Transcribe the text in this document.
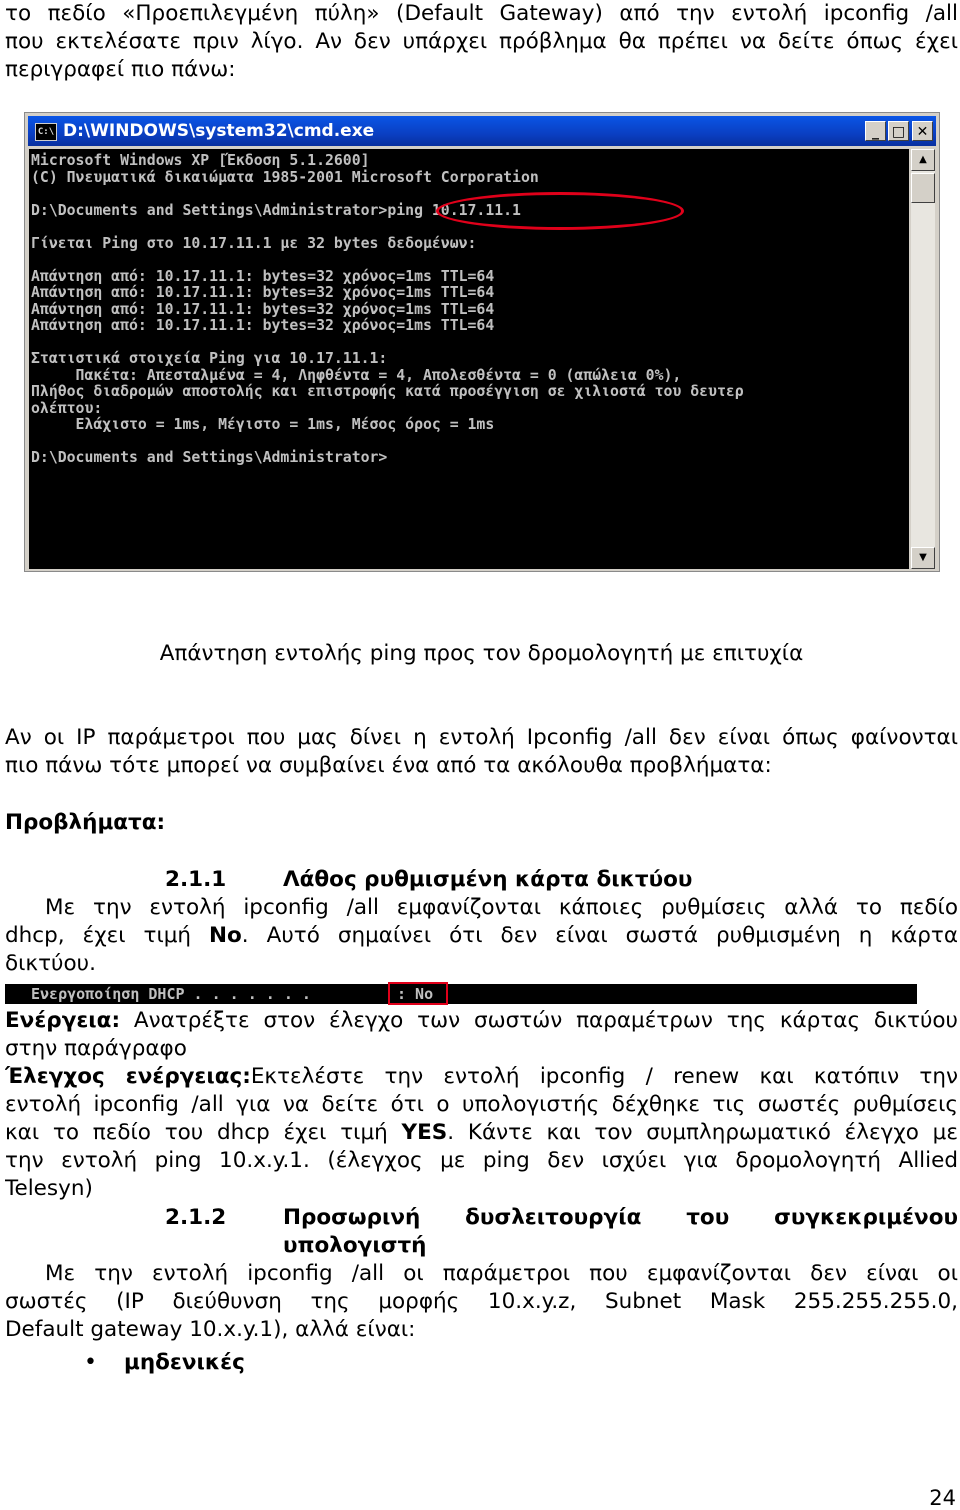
το πεδίο «Προεπιλεγμένη πύλη» (Default Gateway) από την εντολή ipconfig /all
που εκτελέσατε πριν λίγο. Αν δεν υπάρχει πρόβλημα θα πρέπει να δείτε όπως έχει
περιγραφεί πιο πάνω:
C:\ D:\WINDOWS\system32\cmd.exe	_ □ ✕
Microsoft Windows XP [Έκδοση 5.1.2600]
(C) Πνευματικά δικαιώματα 1985-2001 Microsoft Corporation
D:\Documents and Settings\Administrator>ping 10.17.11.1
Γίνεται Ping στο 10.17.11.1 με 32 bytes δεδομένων:
Απάντηση από: 10.17.11.1: bytes=32 χρόνος=1ms TTL=64
Απάντηση από: 10.17.11.1: bytes=32 χρόνος=1ms TTL=64
Απάντηση από: 10.17.11.1: bytes=32 χρόνος=1ms TTL=64
Απάντηση από: 10.17.11.1: bytes=32 χρόνος=1ms TTL=64
Στατιστικά στοιχεία Ping για 10.17.11.1:
Πακέτα: Απεσταλμένα = 4, Ληφθέντα = 4, Απολεσθέντα = 0 (απώλεια 0%),
Πλήθος διαδρομών αποστολής και επιστροφής κατά προσέγγιση σε χιλιοστά του δευτερ
ολέπτου:
Ελάχιστο = 1ms, Μέγιστο = 1ms, Μέσος όρος = 1ms
D:\Documents and Settings\Administrator>
▲
▼
Απάντηση εντολής ping προς τον δρομολογητή με επιτυχία
Αν οι IP παράμετροι που μας δίνει η εντολή Ipconfig /all δεν είναι όπως φαίνονται
πιο πάνω τότε μπορεί να συμβαίνει ένα από τα ακόλουθα προβλήματα:
Προβλήματα:
2.1.1	Λάθος ρυθμισμένη κάρτα δικτύου
Με την εντολή ipconfig /all εμφανίζονται κάποιες ρυθμίσεις αλλά το πεδίο
dhcp, έχει τιμή No. Αυτό σημαίνει ότι δεν είναι σωστά ρυθμισμένη η κάρτα
δικτύου.

Ενεργοποίηση DHCP . . . . . . .

	: No

Ενέργεια: Ανατρέξτε στον έλεγχο των σωστών παραμέτρων της κάρτας δικτύου
στην παράγραφο
Έλεγχος ενέργειας:Εκτελέστε την εντολή ipconfig / renew και κατόπιν την
εντολή ipconfig /all για να δείτε ότι ο υπολογιστής δέχθηκε τις σωστές ρυθμίσεις
και το πεδίο του dhcp έχει τιμή YES. Κάντε και τον συμπληρωματικό έλεγχο με
την εντολή ping 10.x.y.1. (έλεγχος με ping δεν ισχύει για δρομολογητή Allied
Telesyn)
2.1.2	Προσωρινή δυσλειτουργία του συγκεκριμένου
υπολογιστή
Με την εντολή ipconfig /all οι παράμετροι που εμφανίζονται δεν είναι οι
σωστές (IP διεύθυνση της μορφής 10.x.y.z, Subnet Mask 255.255.255.0,
Default gateway 10.x.y.1), αλλά είναι:
• μηδενικές
24
